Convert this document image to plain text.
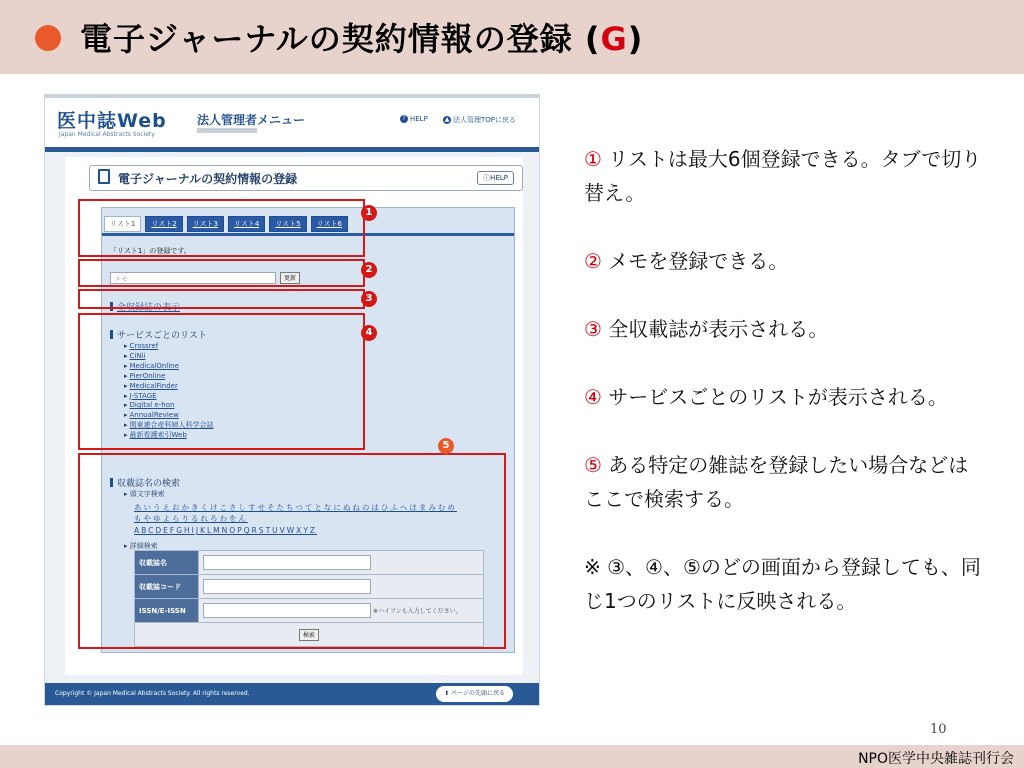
電子ジャーナルの契約情報の登録 (G)
医中誌Web
Japan Medical Abstracts Society
法人管理者メニュー	? HELP	▲ 法人管理TOPに戻る
電子ジャーナルの契約情報の登録	ⓘHELP
リスト1	リスト2	リスト3	リスト4	リスト5	リスト6
「リスト1」の登録です。
メモ	更新
全収録誌の表示
サービスごとのリスト
▸ Crossref
▸ CiNii
▸ MedicalOnline
▸ PierOnline
▸ MedicalFinder
▸ J-STAGE
▸ Digital e-hon
▸ AnnualReview
▸ 関東連合産科婦人科学会誌
▸ 最新看護索引Web
収載誌名の検索
▸ 頭文字検索
あいうえおかきくけこさしすせそたちつてとなにぬねのはひふへほまみむめ
もやゆよらりるれろわをん
ABCDEFGHIJKLMNOPQRSTUVWXYZ
▸ 詳細検索
収載誌名	
収載誌コード	
ISSN/E-ISSN	※ハイフンも入力してください。
検索	
Copyright © Japan Medical Abstracts Society. All rights reserved.	⬆ ページの先頭に戻る
1
2
3
4
5
① リストは最大6個登録できる。タブで切り替え。
② メモを登録できる。
③ 全収載誌が表示される。
④ サービスごとのリストが表示される。
⑤ ある特定の雑誌を登録したい場合などはここで検索する。
※ ③、④、⑤のどの画面から登録しても、同じ1つのリストに反映される。
10
NPO医学中央雑誌刊行会
